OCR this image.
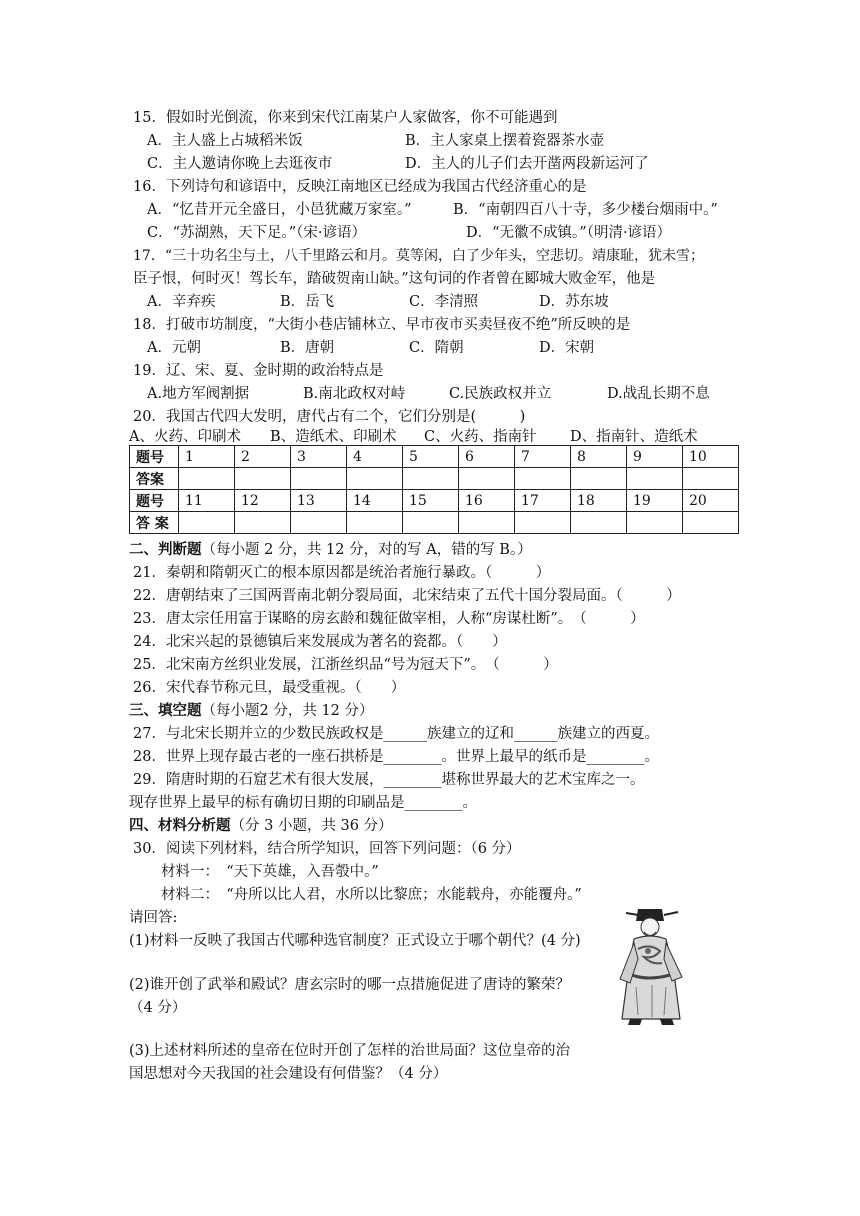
15．假如时光倒流，你来到宋代江南某户人家做客，你不可能遇到
A．主人盛上占城稻米饭	B．主人家桌上摆着瓷器茶水壶
C．主人邀请你晚上去逛夜市	D．主人的儿子们去开凿两段新运河了
16．下列诗句和谚语中，反映江南地区已经成为我国古代经济重心的是
A．“忆昔开元全盛日，小邑犹藏万家室。”	B．“南朝四百八十寺，多少楼台烟雨中。”
C．“苏湖熟，天下足。”（宋·谚语）	D．“无徽不成镇。”（明清·谚语）
17．“三十功名尘与土，八千里路云和月。莫等闲，白了少年头，空悲切。靖康耻，犹未雪；
臣子恨，何时灭！驾长车，踏破贺南山缺。”这句词的作者曾在郾城大败金军，他是
A．辛弃疾	B．岳飞	C．李清照	D．苏东坡
18．打破市坊制度，“大街小巷店铺林立、早市夜市买卖昼夜不绝”所反映的是
A．元朝	B．唐朝	C．隋朝	D．宋朝
19．辽、宋、夏、金时期的政治特点是
A.地方军阀割据	B.南北政权对峙	C.民族政权并立	D.战乱长期不息
20．我国古代四大发明，唐代占有二个，它们分别是(　　　)
A、火药、印刷术 B、造纸术、印刷术 C、火药、指南针 D、指南针、造纸术
题号	1	2	3	4	5	6	7	8	9	10
答案										
题号	11	12	13	14	15	16	17	18	19	20
答 案										
二、判断题（每小题 2 分，共 12 分，对的写 A，错的写 B。）
21．秦朝和隋朝灭亡的根本原因都是统治者施行暴政。（　　　）
22．唐朝结束了三国两晋南北朝分裂局面，北宋结束了五代十国分裂局面。（　　　）
23．唐太宗任用富于谋略的房玄龄和魏征做宰相，人称“房谋杜断”。　（　　　）
24．北宋兴起的景德镇后来发展成为著名的瓷都。（　　）
25．北宋南方丝织业发展，江浙丝织品“号为冠天下”。　（　　　）
26．宋代春节称元旦，最受重视。（　　）
三、填空题（每小题2 分，共 12 分）
27．与北宋长期并立的少数民族政权是______族建立的辽和______族建立的西夏。
28．世界上现存最古老的一座石拱桥是________。世界上最早的纸币是________。
29．隋唐时期的石窟艺术有很大发展，________堪称世界最大的艺术宝库之一。
现存世界上最早的标有确切日期的印刷品是________。
四、材料分析题（分 3 小题，共 36 分）
30．阅读下列材料，结合所学知识，回答下列问题：（6 分）
材料一：　“天下英雄，入吾彀中。”
材料二：　“舟所以比人君，水所以比黎庶；水能载舟，亦能覆舟。”
请回答:
(1)材料一反映了我国古代哪种选官制度？正式设立于哪个朝代？(4 分)
(2)谁开创了武举和殿试？唐玄宗时的哪一点措施促进了唐诗的繁荣？
（4 分）
(3)上述材料所述的皇帝在位时开创了怎样的治世局面？这位皇帝的治
国思想对今天我国的社会建设有何借鉴？（4 分）
